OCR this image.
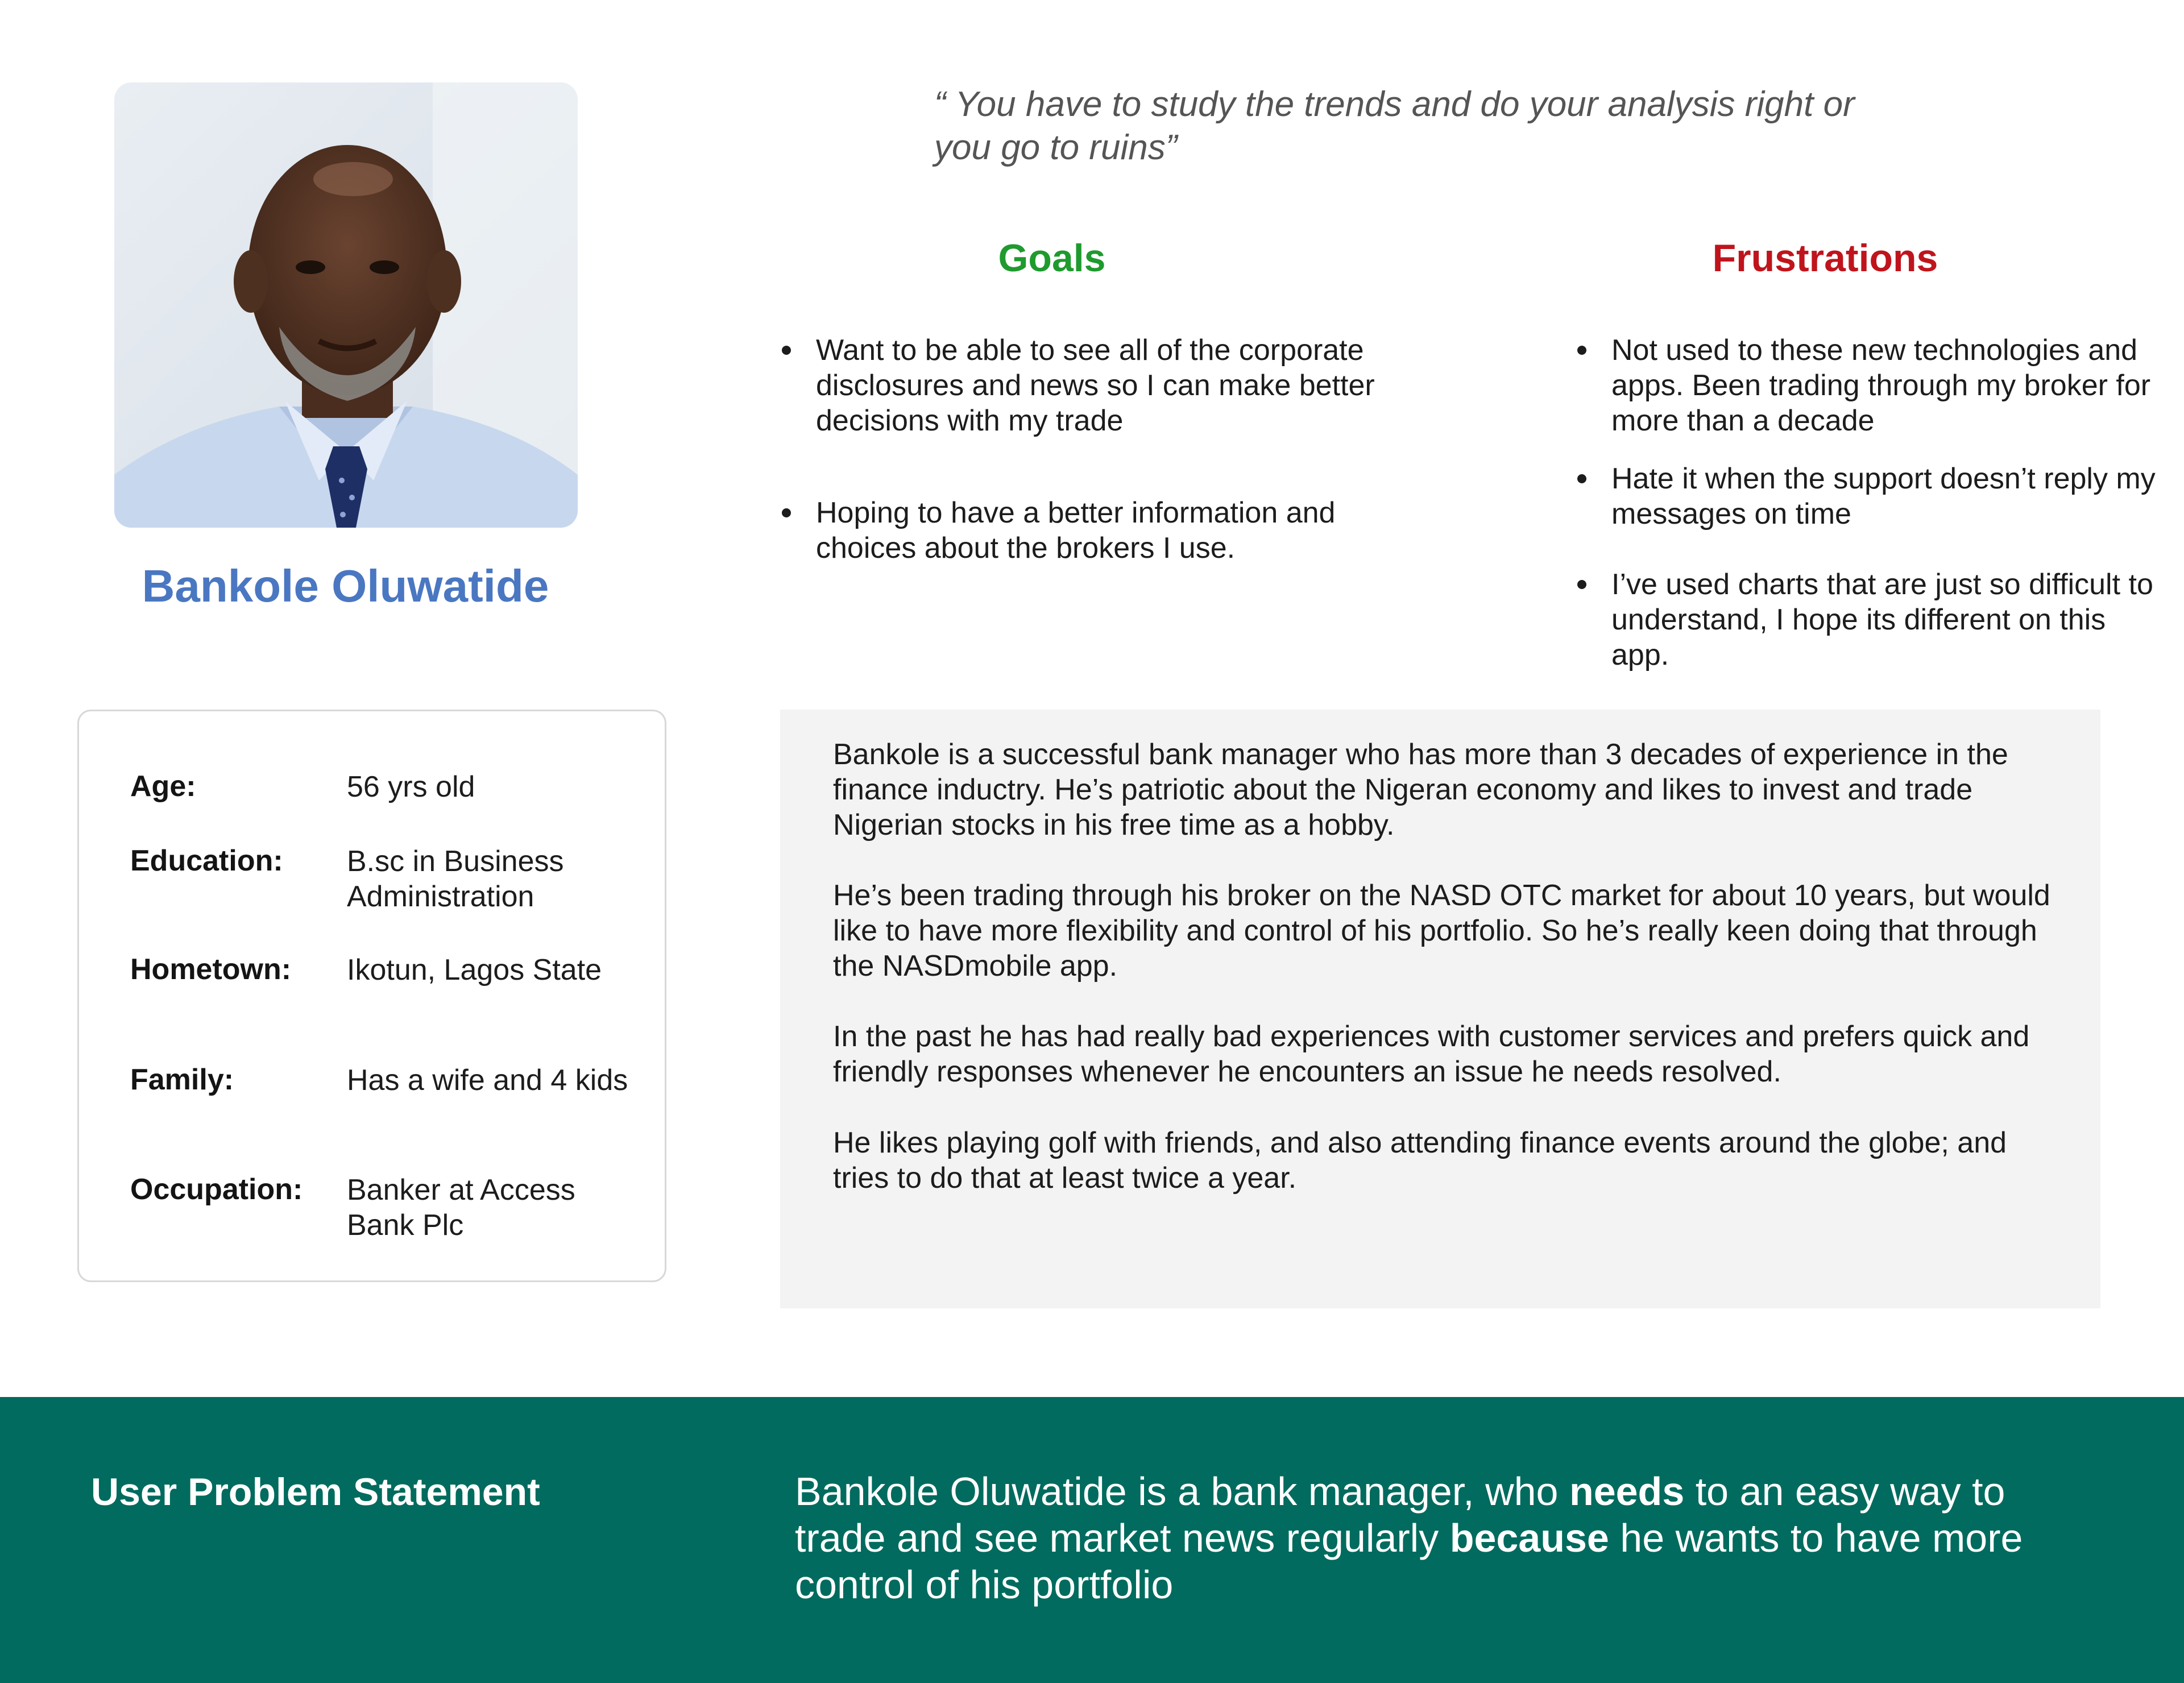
Bankole Oluwatide
Age:	56 yrs old
Education:	B.sc in Business Administration
Hometown:	Ikotun, Lagos State
Family:	Has a wife and 4 kids
Occupation:	Banker at Access Bank Plc
“ You have to study the trends and do your analysis right or you go to ruins”
Goals
Want to be able to see all of the corporate disclosures and news so I can make better decisions with my trade
Hoping to have a better information and choices about the brokers I use.
Frustrations
Not used to these new technologies and apps. Been trading through my broker for more than a decade
Hate it when the support doesn’t reply my messages on time
I’ve used charts that are just so difficult to understand, I hope its different on this app.

Bankole is a successful bank manager who has more than 3 decades of experience in the finance inductry. He’s patriotic about the Nigeran economy and likes to invest and trade Nigerian stocks in his free time as a hobby.

He’s been trading through his broker on the NASD OTC market for about 10 years, but would like to have more flexibility and control of his portfolio. So he’s really keen doing that through the NASDmobile app.

In the past he has had really bad experiences with customer services and prefers quick and friendly responses whenever he encounters an issue he needs resolved.

He likes playing golf with friends, and also attending finance events around the globe; and tries to do that at least twice a year.

User Problem Statement	Bankole Oluwatide is a bank manager, who needs to an easy way to trade and see market news regularly because he wants to have more control of his portfolio
